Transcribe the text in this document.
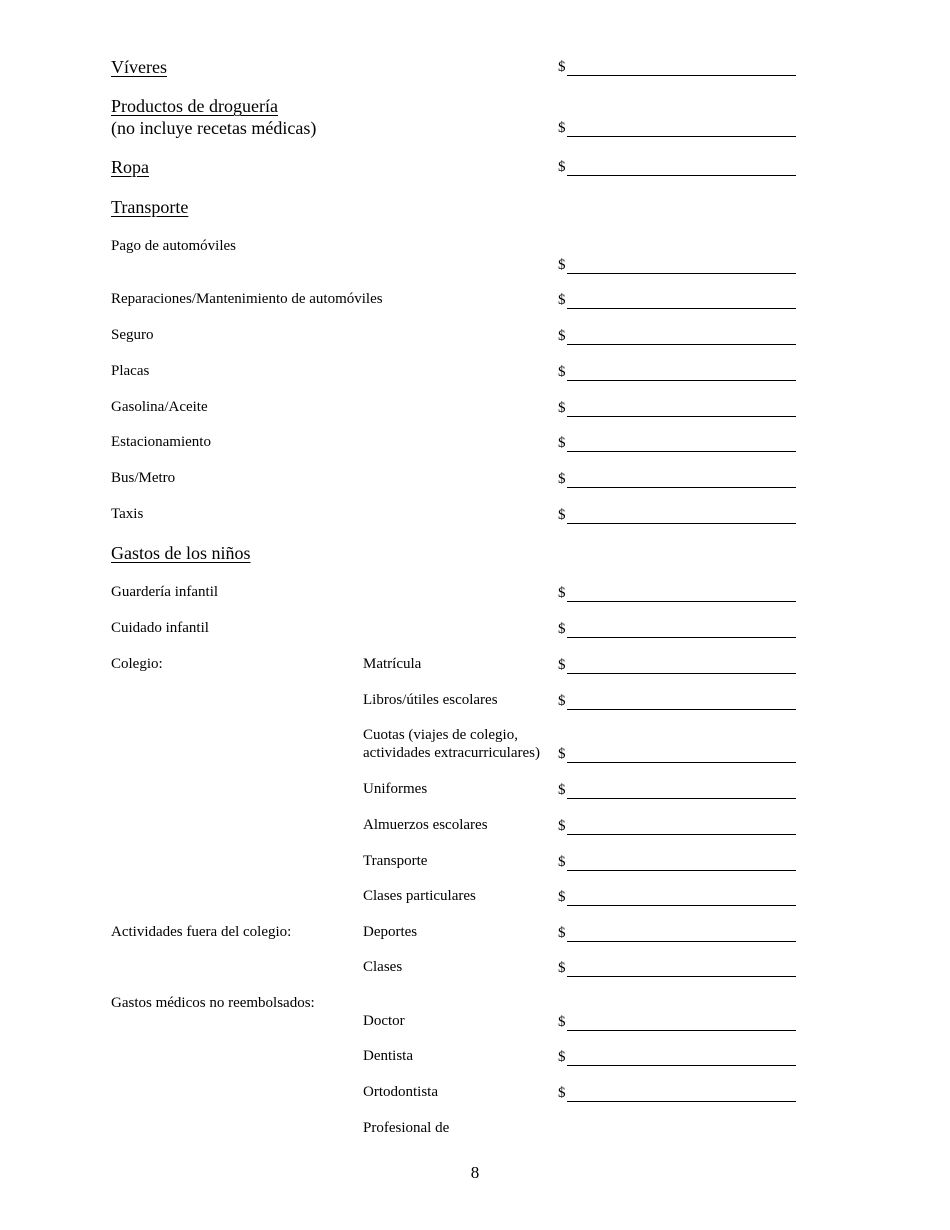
Víveres
Productos de droguería
(no incluye recetas médicas)
Ropa
Transporte
Pago de automóviles
Reparaciones/Mantenimiento de automóviles
Seguro
Placas
Gasolina/Aceite
Estacionamiento
Bus/Metro
Taxis
Gastos de los niños
Guardería infantil
Cuidado infantil
Colegio:	Matrícula
Libros/útiles escolares
Cuotas (viajes de colegio,
actividades extracurriculares)
Uniformes
Almuerzos escolares
Transporte
Clases particulares
Actividades fuera del colegio:	Deportes
Clases
Gastos médicos no reembolsados:
Doctor
Dentista
Ortodontista
Profesional de
$
$
$
$
$
$
$
$
$
$
$
$
$
$
$
$
$
$
$
$
$
$
$
$
$
8
